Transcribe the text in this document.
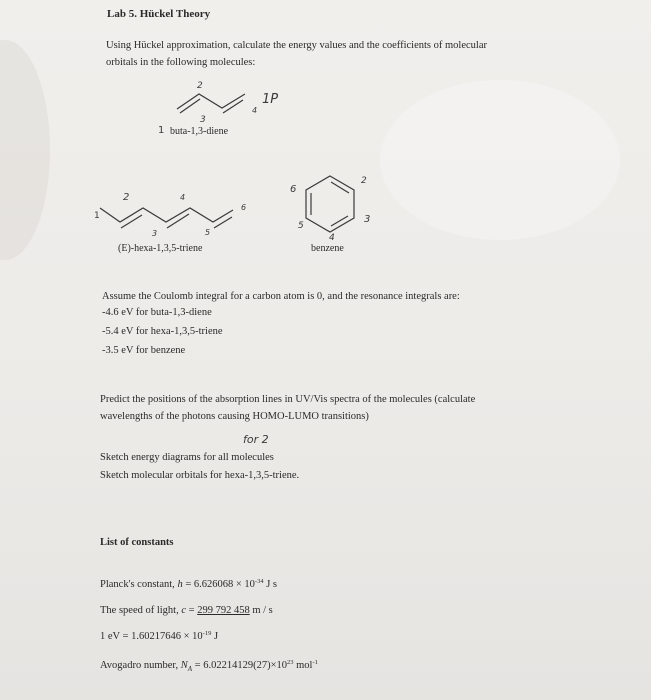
Lab 5. Hückel Theory
Using Hückel approximation, calculate the energy values and the coefficients of molecular
orbitals in the following molecules:
2
4
1P
3
1 buta-1,3-diene
2	4
6
1
3	5
(E)-hexa-1,3,5-triene
6
2
3
5
4
benzene
Assume the Coulomb integral for a carbon atom is 0, and the resonance integrals are:
-4.6 eV for buta-1,3-diene
-5.4 eV for hexa-1,3,5-triene
-3.5 eV for benzene
Predict the positions of the absorption lines in UV/Vis spectra of the molecules (calculate
wavelengths of the photons causing HOMO-LUMO transitions)
for 2
Sketch energy diagrams for all molecules
Sketch molecular orbitals for hexa-1,3,5-triene.
List of constants
Planck's constant, $h = 6.626068 \times 10^{-34}$ J s
The speed of light, c = 299 792 458 m / s
1 eV = $1.60217646 \times 10^{-19}$ J
Avogadro number, $N_A = 6.02214129(27)\times 10^{23}$ mol$^{-1}$
